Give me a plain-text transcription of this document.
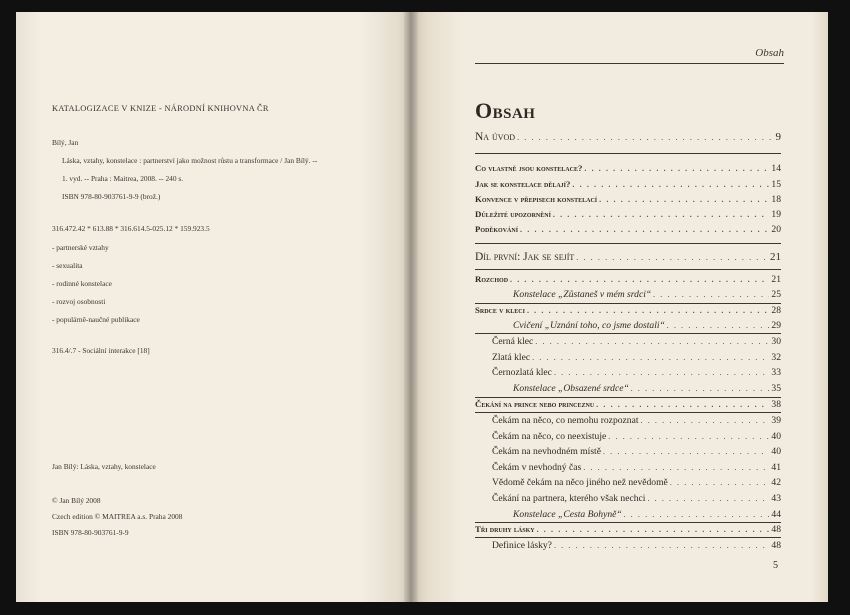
KATALOGIZACE V KNIZE - NÁRODNÍ KNIHOVNA ČR
Bílý, Jan
Láska, vztahy, konstelace : partnerství jako možnost růstu a transformace / Jan Bílý. --
1. vyd. -- Praha : Maitrea, 2008. -- 240 s.
ISBN 978-80-903761-9-9 (brož.)
316.472.42 * 613.88 * 316.614.5-025.12 * 159.923.5
- partnerské vztahy
- sexualita
- rodinné konstelace
- rozvoj osobnosti
- populárně-naučné publikace
316.4/.7 - Sociální interakce [18]
Jan Bílý: Láska, vztahy, konstelace
© Jan Bílý 2008
Czech edition © MAITREA a.s. Praha 2008
ISBN 978-80-903761-9-9
Obsah
Obsah
Na úvod . . .	9
Co vlastně jsou konstelace? . . .	14
Jak se konstelace dělají? . . .	15
Konvence v přepisech konstelací . . .	18
Důležité upozornění . . .	19
Poděkování . . .	20
Díl první: Jak se sejít . . .	21
Rozchod . . .	21
Konstelace „Zůstaneš v mém srdci“ . . .	25
Srdce v kleci . . .	28
Cvičení „Uznání toho, co jsme dostali“ . . .	29
Černá klec . . .	30
Zlatá klec . . .	32
Černozlatá klec . . .	33
Konstelace „Obsazené srdce“ . . .	35
Čekání na prince nebo princeznu . . .	38
Čekám na něco, co nemohu rozpoznat . . .	39
Čekám na něco, co neexistuje . . .	40
Čekám na nevhodném místě . . .	40
Čekám v nevhodný čas . . .	41
Vědomě čekám na něco jiného než nevědomě . . .	42
Čekání na partnera, kterého však nechci . . .	43
Konstelace „Cesta Bohyně“ . . .	44
Tři druhy lásky . . .	48
Definice lásky? . . .	48
5
